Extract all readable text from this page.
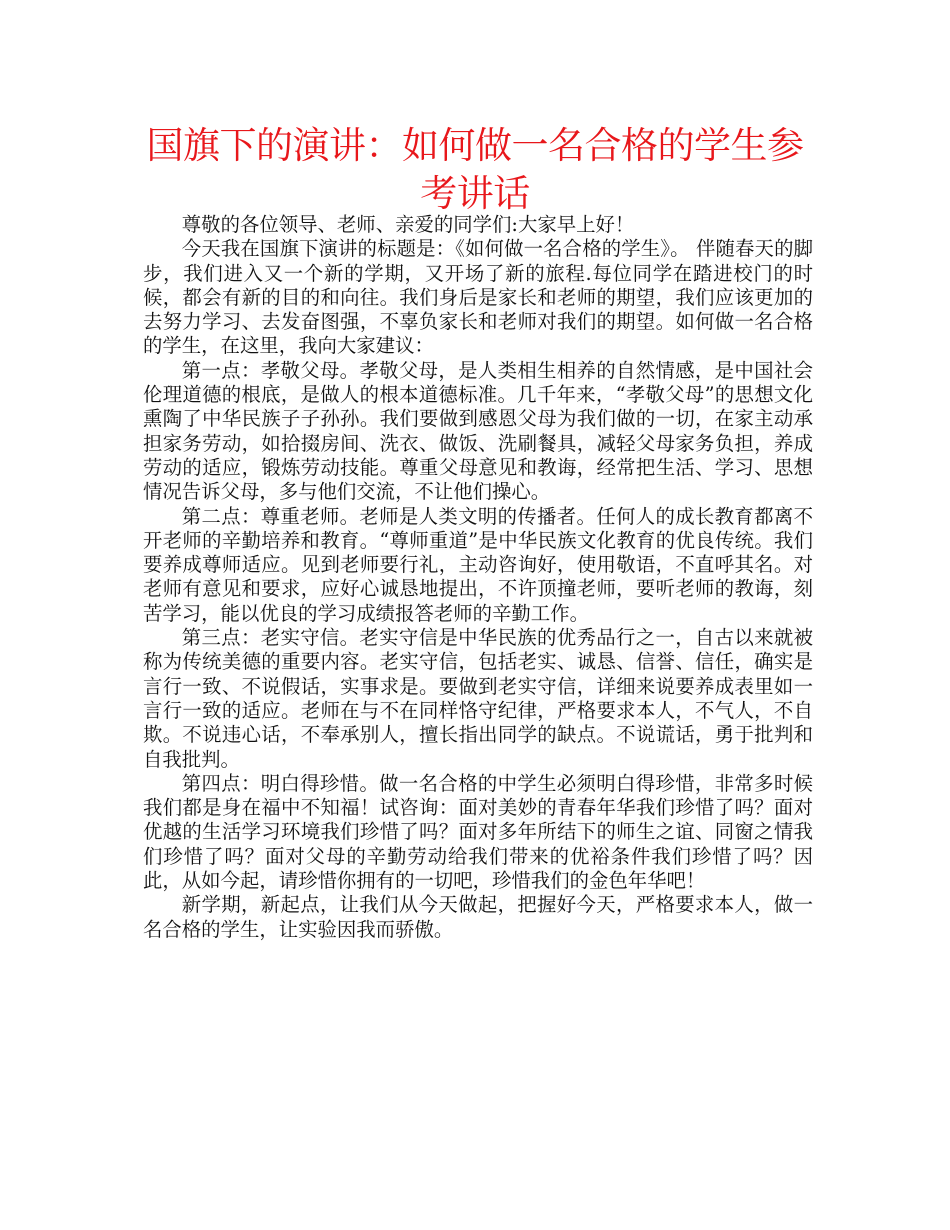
国旗下的演讲：如何做一名合格的学生参考讲话

尊敬的各位领导、老师、亲爱的同学们:大家早上好！

今天我在国旗下演讲的标题是：《如何做一名合格的学生》。 伴随春天的脚步，我们进入又一个新的学期，又开场了新的旅程.每位同学在踏进校门的时候，都会有新的目的和向往。我们身后是家长和老师的期望，我们应该更加的去努力学习、去发奋图强，不辜负家长和老师对我们的期望。如何做一名合格的学生，在这里，我向大家建议：

第一点：孝敬父母。孝敬父母，是人类相生相养的自然情感，是中国社会伦理道德的根底，是做人的根本道德标准。几千年来，“孝敬父母”的思想文化熏陶了中华民族子子孙孙。我们要做到感恩父母为我们做的一切，在家主动承担家务劳动，如拾掇房间、洗衣、做饭、洗刷餐具，减轻父母家务负担，养成劳动的适应，锻炼劳动技能。尊重父母意见和教诲，经常把生活、学习、思想情况告诉父母，多与他们交流，不让他们操心。

第二点：尊重老师。老师是人类文明的传播者。任何人的成长教育都离不开老师的辛勤培养和教育。“尊师重道”是中华民族文化教育的优良传统。我们要养成尊师适应。见到老师要行礼，主动咨询好，使用敬语，不直呼其名。对老师有意见和要求，应好心诚恳地提出，不许顶撞老师，要听老师的教诲，刻苦学习，能以优良的学习成绩报答老师的辛勤工作。

第三点：老实守信。老实守信是中华民族的优秀品行之一，自古以来就被称为传统美德的重要内容。老实守信，包括老实、诚恳、信誉、信任，确实是言行一致、不说假话，实事求是。要做到老实守信，详细来说要养成表里如一言行一致的适应。老师在与不在同样恪守纪律，严格要求本人，不气人，不自欺。不说违心话，不奉承别人，擅长指出同学的缺点。不说谎话，勇于批判和自我批判。

第四点：明白得珍惜。做一名合格的中学生必须明白得珍惜，非常多时候我们都是身在福中不知福！试咨询：面对美妙的青春年华我们珍惜了吗？面对优越的生活学习环境我们珍惜了吗？面对多年所结下的师生之谊、同窗之情我们珍惜了吗？面对父母的辛勤劳动给我们带来的优裕条件我们珍惜了吗？因此，从如今起，请珍惜你拥有的一切吧，珍惜我们的金色年华吧！

新学期，新起点，让我们从今天做起，把握好今天，严格要求本人，做一名合格的学生，让实验因我而骄傲。
